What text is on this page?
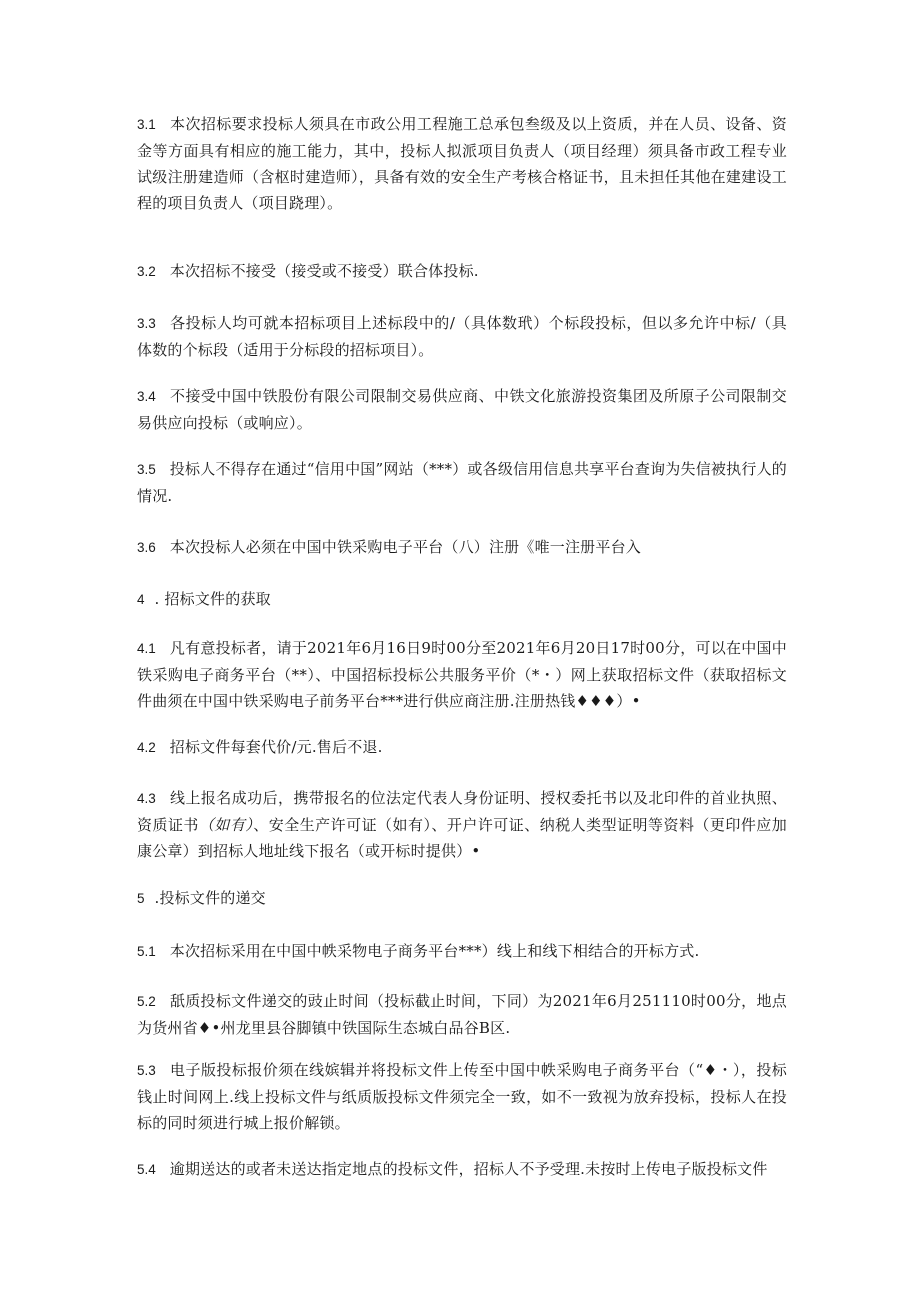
3.1 本次招标要求投标人须具在市政公用工程施工总承包叁级及以上资质，并在人员、设备、资金等方面具有相应的施工能力，其中，投标人拟派项目负责人（项目经理）须具备市政工程专业试级注册建造师（含枢时建造师），具备有效的安全生产考核合格证书，且未担任其他在建建设工程的项目负责人（项目跷理）。

3.2 本次招标不接受（接受或不接受）联合体投标.

3.3 各投标人均可就本招标项目上述标段中的/（具体数玳）个标段投标，但以多允许中标/（具体数的个标段（适用于分标段的招标项目）。

3.4 不接受中国中铁股份有限公司限制交易供应商、中铁文化旅游投资集团及所原子公司限制交易供应向投标（或响应）。

3.5 投标人不得存在通过“信用中国”网站（***）或各级信用信息共享平台查询为失信被执行人的情况.

3.6 本次投标人必须在中国中铁采购电子平台（八）注册《唯一注册平台入

4 . 招标文件的获取

4.1 凡有意投标者，请于2021年6月16日9时00分至2021年6月20日17时00分，可以在中国中铁采购电子商务平台（**）、中国招标投标公共服务平价（*・）网上获取招标文件（获取招标文件曲须在中国中铁采购电子前务平台***进行供应商注册.注册热钱♦♦♦）•

4.2 招标文件每套代价/元.售后不退.

4.3 线上报名成功后，携带报名的位法定代表人身份证明、授权委托书以及北印件的首业执照、资质证书（如有）、安全生产许可证（如有）、开户许可证、纳税人类型证明等资料（更印件应加康公章）到招标人地址线下报名（或开标时提供）•

5 .投标文件的递交

5.1 本次招标采用在中国中帙采物电子商务平台***）线上和线下相结合的开标方式.

5.2 舐质投标文件递交的豉止时间（投标截止时间，下同）为2021年6月251110时00分，地点为货州省♦•州龙里县谷脚镇中铁国际生态城白品谷B区.

5.3 电子版投标报价须在线嫔辑并将投标文件上传至中国中帙采购电子商务平台（“♦・），投标钱止时间网上.线上投标文件与纸质版投标文件须完全一致，如不一致视为放弃投标，投标人在投标的同时须进行城上报价解锁。

5.4 逾期送达的或者未送达指定地点的投标文件，招标人不予受理.未按时上传电子版投标文件
